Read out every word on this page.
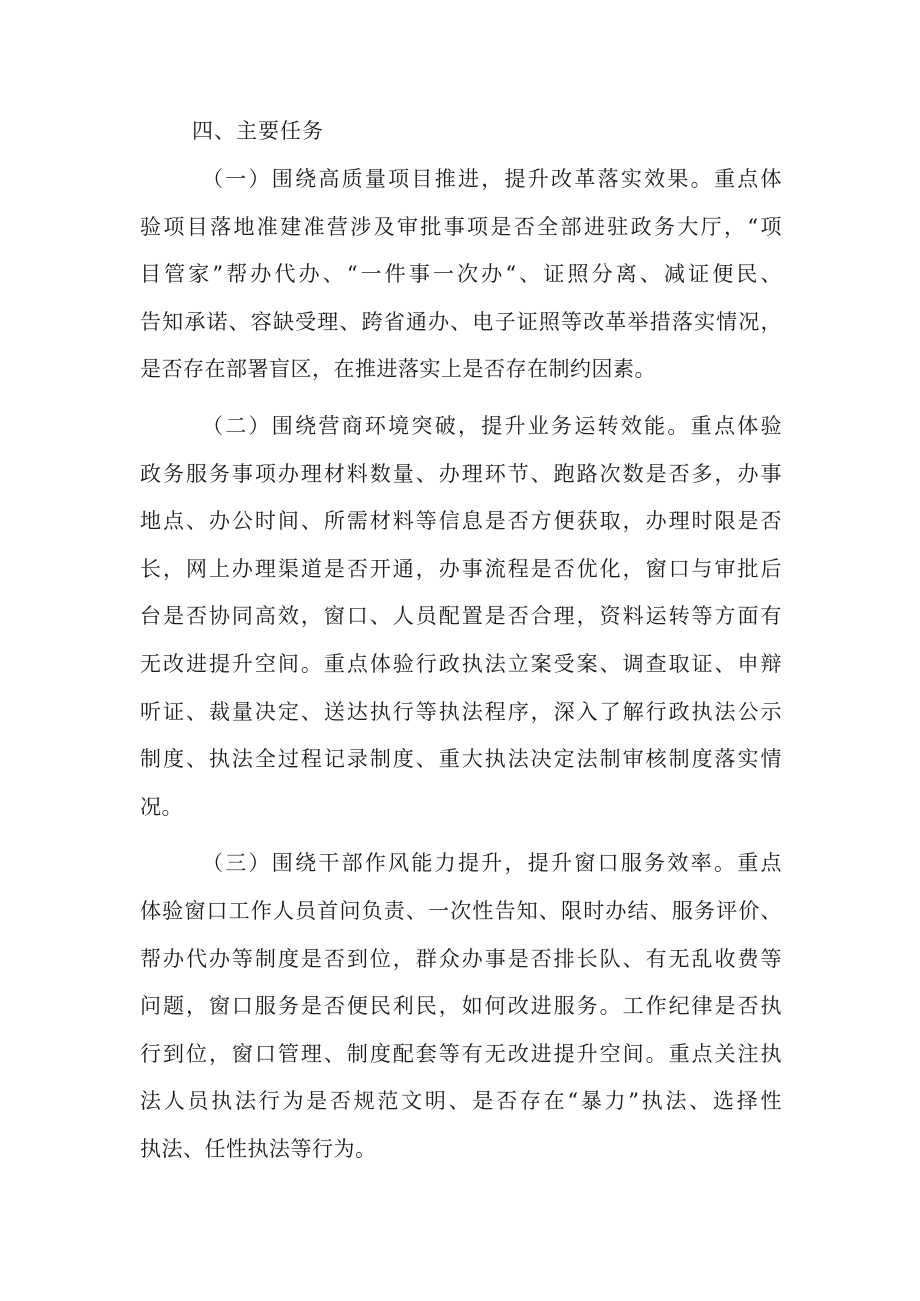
四、主要任务
（一）围绕高质量项目推进，提升改革落实效果。重点体
验项目落地准建准营涉及审批事项是否全部进驻政务大厅，“项
目管家”帮办代办、“一件事一次办“、证照分离、减证便民、
告知承诺、容缺受理、跨省通办、电子证照等改革举措落实情况，
是否存在部署盲区，在推进落实上是否存在制约因素。
（二）围绕营商环境突破，提升业务运转效能。重点体验
政务服务事项办理材料数量、办理环节、跑路次数是否多，办事
地点、办公时间、所需材料等信息是否方便获取，办理时限是否
长，网上办理渠道是否开通，办事流程是否优化，窗口与审批后
台是否协同高效，窗口、人员配置是否合理，资料运转等方面有
无改进提升空间。重点体验行政执法立案受案、调查取证、申辩
听证、裁量决定、送达执行等执法程序，深入了解行政执法公示
制度、执法全过程记录制度、重大执法决定法制审核制度落实情
况。
（三）围绕干部作风能力提升，提升窗口服务效率。重点
体验窗口工作人员首问负责、一次性告知、限时办结、服务评价、
帮办代办等制度是否到位，群众办事是否排长队、有无乱收费等
问题，窗口服务是否便民利民，如何改进服务。工作纪律是否执
行到位，窗口管理、制度配套等有无改进提升空间。重点关注执
法人员执法行为是否规范文明、是否存在“暴力”执法、选择性
执法、任性执法等行为。
